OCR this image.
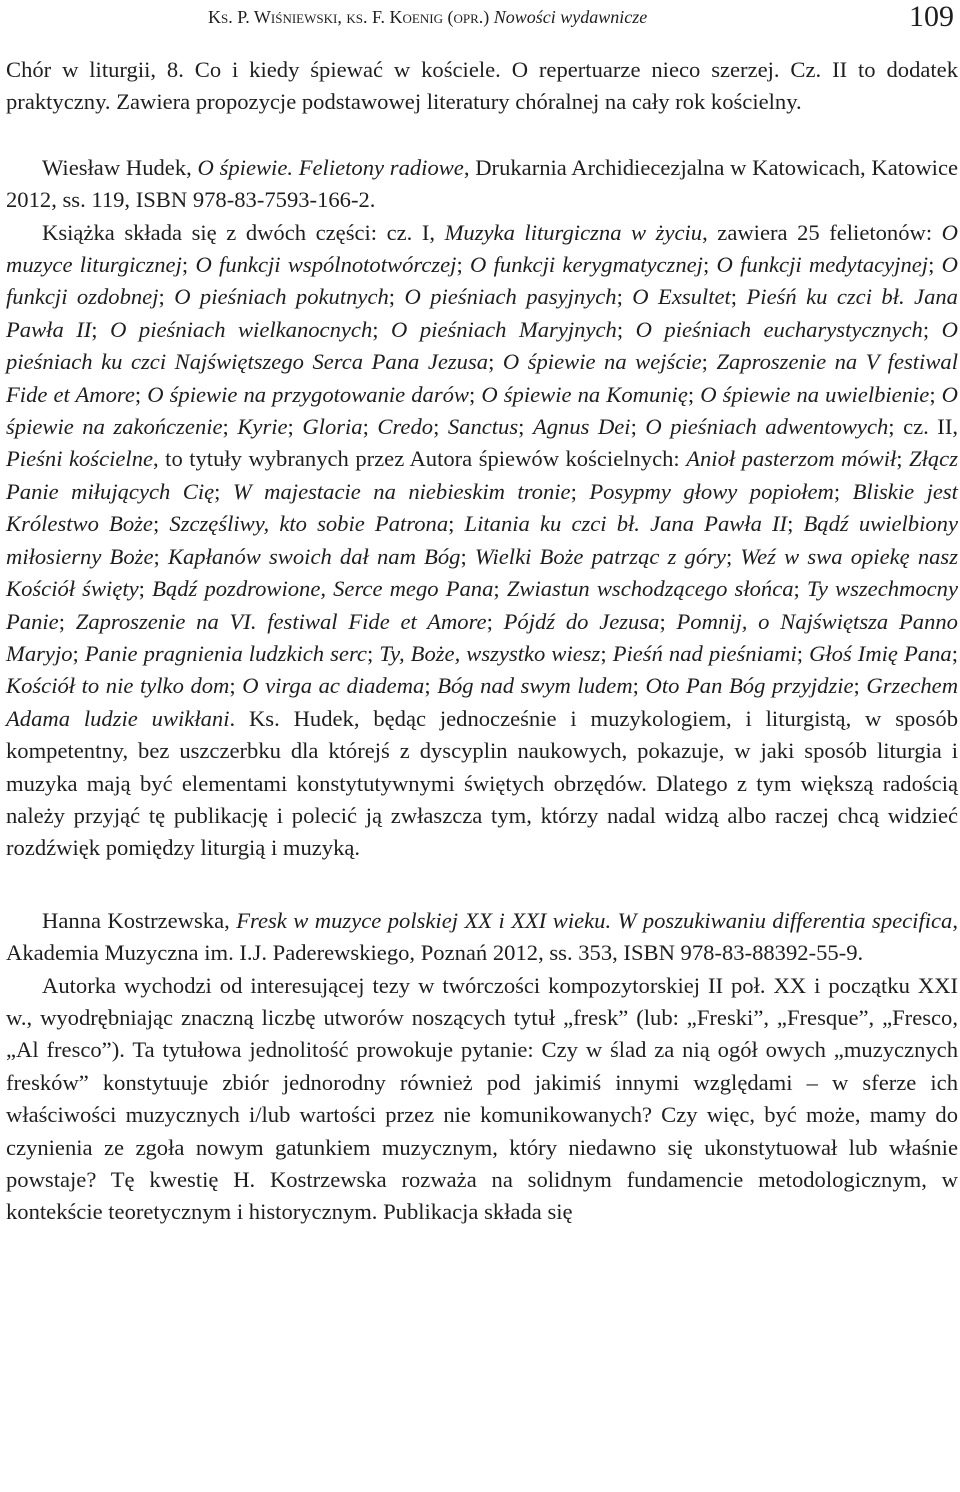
Ks. P. Wiśniewski, ks. F. Koenig (opr.) Nowości wydawnicze	109

Chór w liturgii, 8. Co i kiedy śpiewać w kościele. O repertuarze nieco szerzej. Cz. II to dodatek praktyczny. Zawiera propozycje podstawowej literatury chóralnej na cały rok kościelny.

Wiesław Hudek, O śpiewie. Felietony radiowe, Drukarnia Archidiecezjalna w Katowicach, Katowice 2012, ss. 119, ISBN 978-83-7593-166-2.

Książka składa się z dwóch części: cz. I, Muzyka liturgiczna w życiu, zawiera 25 felietonów: O muzyce liturgicznej; O funkcji wspólnototwórczej; O funkcji kerygmatycznej; O funkcji medytacyjnej; O funkcji ozdobnej; O pieśniach pokutnych; O pieśniach pasyjnych; O Exsultet; Pieśń ku czci bł. Jana Pawła II; O pieśniach wielkanocnych; O pieśniach Maryjnych; O pieśniach eucharystycznych; O pieśniach ku czci Najświętszego Serca Pana Jezusa; O śpiewie na wejście; Zaproszenie na V festiwal Fide et Amore; O śpiewie na przygotowanie darów; O śpiewie na Komunię; O śpiewie na uwielbienie; O śpiewie na zakończenie; Kyrie; Gloria; Credo; Sanctus; Agnus Dei; O pieśniach adwentowych; cz. II, Pieśni kościelne, to tytuły wybranych przez Autora śpiewów kościelnych: Anioł pasterzom mówił; Złącz Panie miłujących Cię; W majestacie na niebieskim tronie; Posypmy głowy popiołem; Bliskie jest Królestwo Boże; Szczęśliwy, kto sobie Patrona; Litania ku czci bł. Jana Pawła II; Bądź uwielbiony miłosierny Boże; Kapłanów swoich dał nam Bóg; Wielki Boże patrząc z góry; Weź w swa opiekę nasz Kościół święty; Bądź pozdrowione, Serce mego Pana; Zwiastun wschodzącego słońca; Ty wszechmocny Panie; Zaproszenie na VI. festiwal Fide et Amore; Pójdź do Jezusa; Pomnij, o Najświętsza Panno Maryjo; Panie pragnienia ludzkich serc; Ty, Boże, wszystko wiesz; Pieśń nad pieśniami; Głoś Imię Pana; Kościół to nie tylko dom; O virga ac diadema; Bóg nad swym ludem; Oto Pan Bóg przyjdzie; Grzechem Adama ludzie uwikłani. Ks. Hudek, będąc jednocześnie i muzykologiem, i liturgistą, w sposób kompetentny, bez uszczerbku dla którejś z dyscyplin naukowych, pokazuje, w jaki sposób liturgia i muzyka mają być elementami konstytutywnymi świętych obrzędów. Dlatego z tym większą radością należy przyjąć tę publikację i polecić ją zwłaszcza tym, którzy nadal widzą albo raczej chcą widzieć rozdźwięk pomiędzy liturgią i muzyką.

Hanna Kostrzewska, Fresk w muzyce polskiej XX i XXI wieku. W poszukiwaniu differentia specifica, Akademia Muzyczna im. I.J. Paderewskiego, Poznań 2012, ss. 353, ISBN 978-83-88392-55-9.

Autorka wychodzi od interesującej tezy w twórczości kompozytorskiej II poł. XX i początku XXI w., wyodrębniając znaczną liczbę utworów noszących tytuł „fresk” (lub: „Freski”, „Fresque”, „Fresco, „Al fresco”). Ta tytułowa jednolitość prowokuje pytanie: Czy w ślad za nią ogół owych „muzycznych fresków” konstytuuje zbiór jednorodny również pod jakimiś innymi względami – w sferze ich właściwości muzycznych i/lub wartości przez nie komunikowanych? Czy więc, być może, mamy do czynienia ze zgoła nowym gatunkiem muzycznym, który niedawno się ukonstytuował lub właśnie powstaje? Tę kwestię H. Kostrzewska rozważa na solidnym fundamencie metodologicznym, w kontekście teoretycznym i historycznym. Publikacja składa się
